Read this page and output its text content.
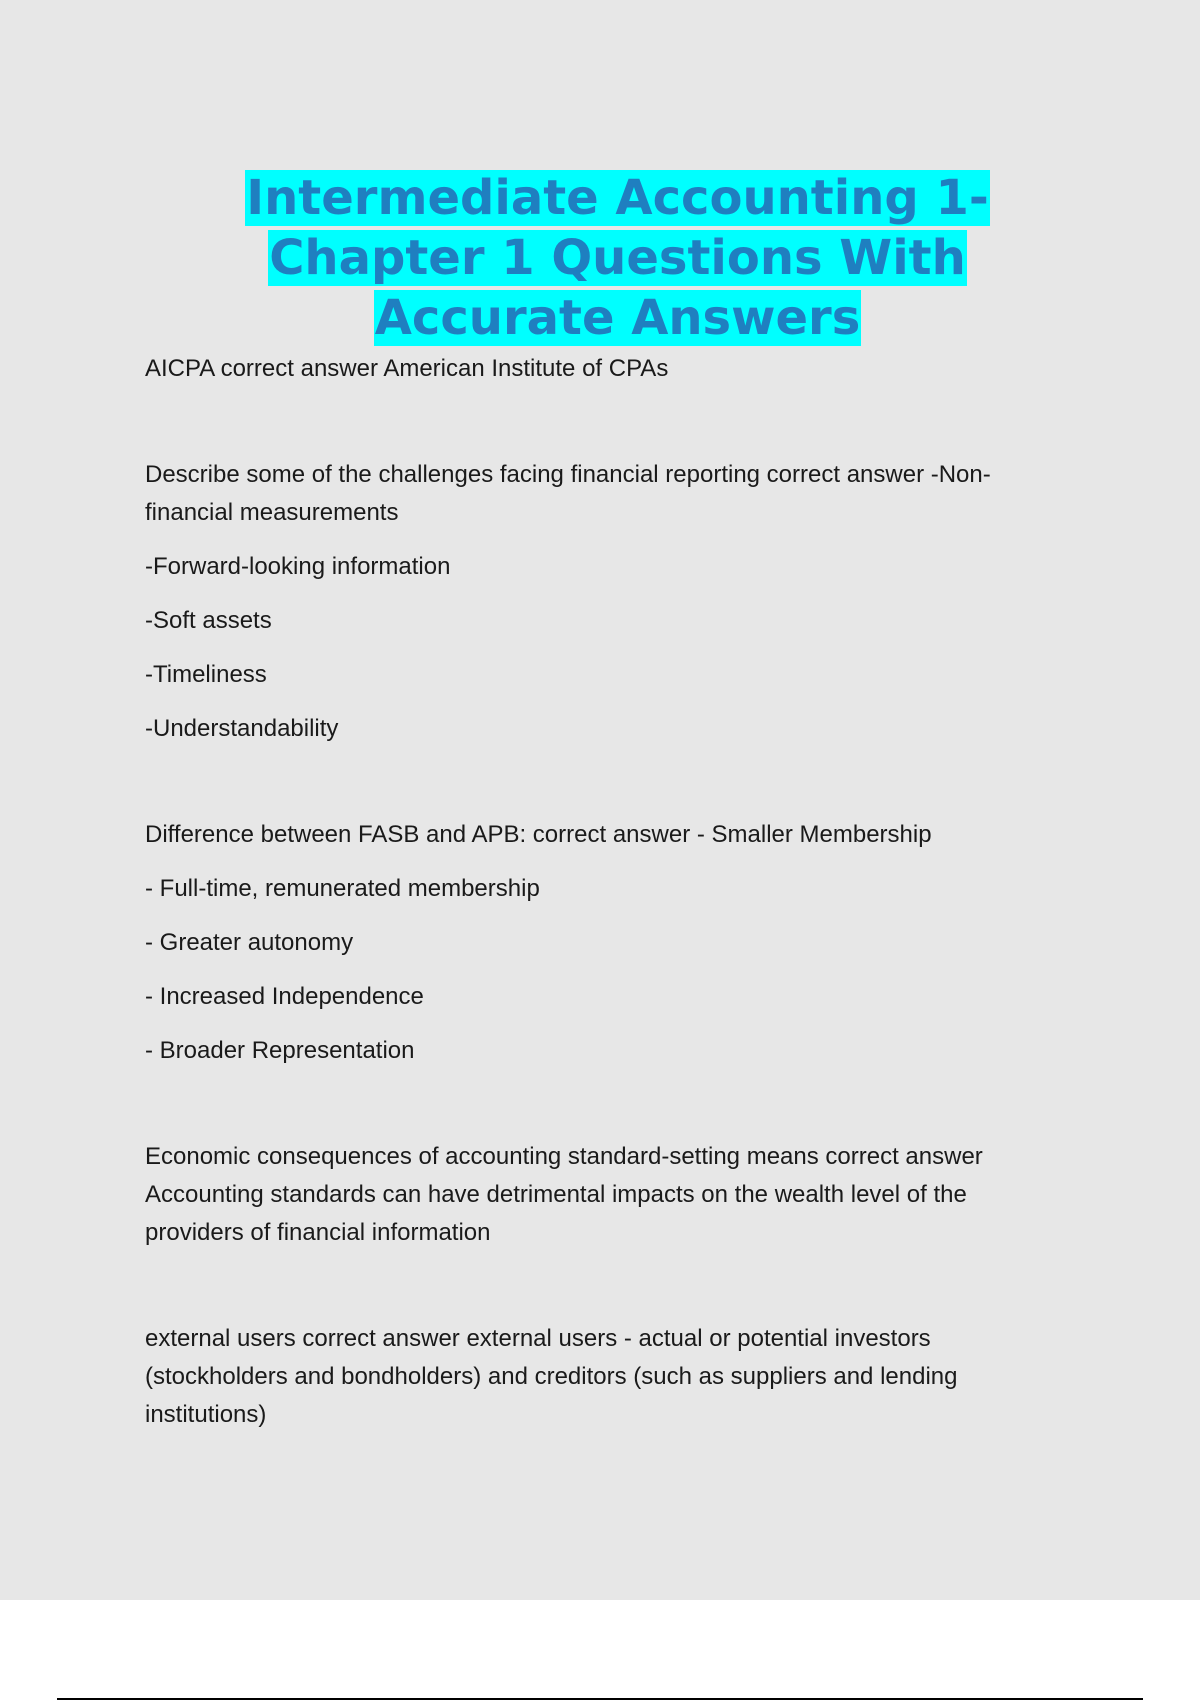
Intermediate Accounting 1-
Chapter 1 Questions With
Accurate Answers

AICPA correct answer American Institute of CPAs

Describe some of the challenges facing financial reporting correct answer -Non-financial measurements

-Forward-looking information

-Soft assets

-Timeliness

-Understandability

Difference between FASB and APB: correct answer - Smaller Membership

- Full-time, remunerated membership

- Greater autonomy

- Increased Independence

- Broader Representation

Economic consequences of accounting standard-setting means correct answer Accounting standards can have detrimental impacts on the wealth level of the providers of financial information

external users correct answer external users - actual or potential investors (stockholders and bondholders) and creditors (such as suppliers and lending institutions)
